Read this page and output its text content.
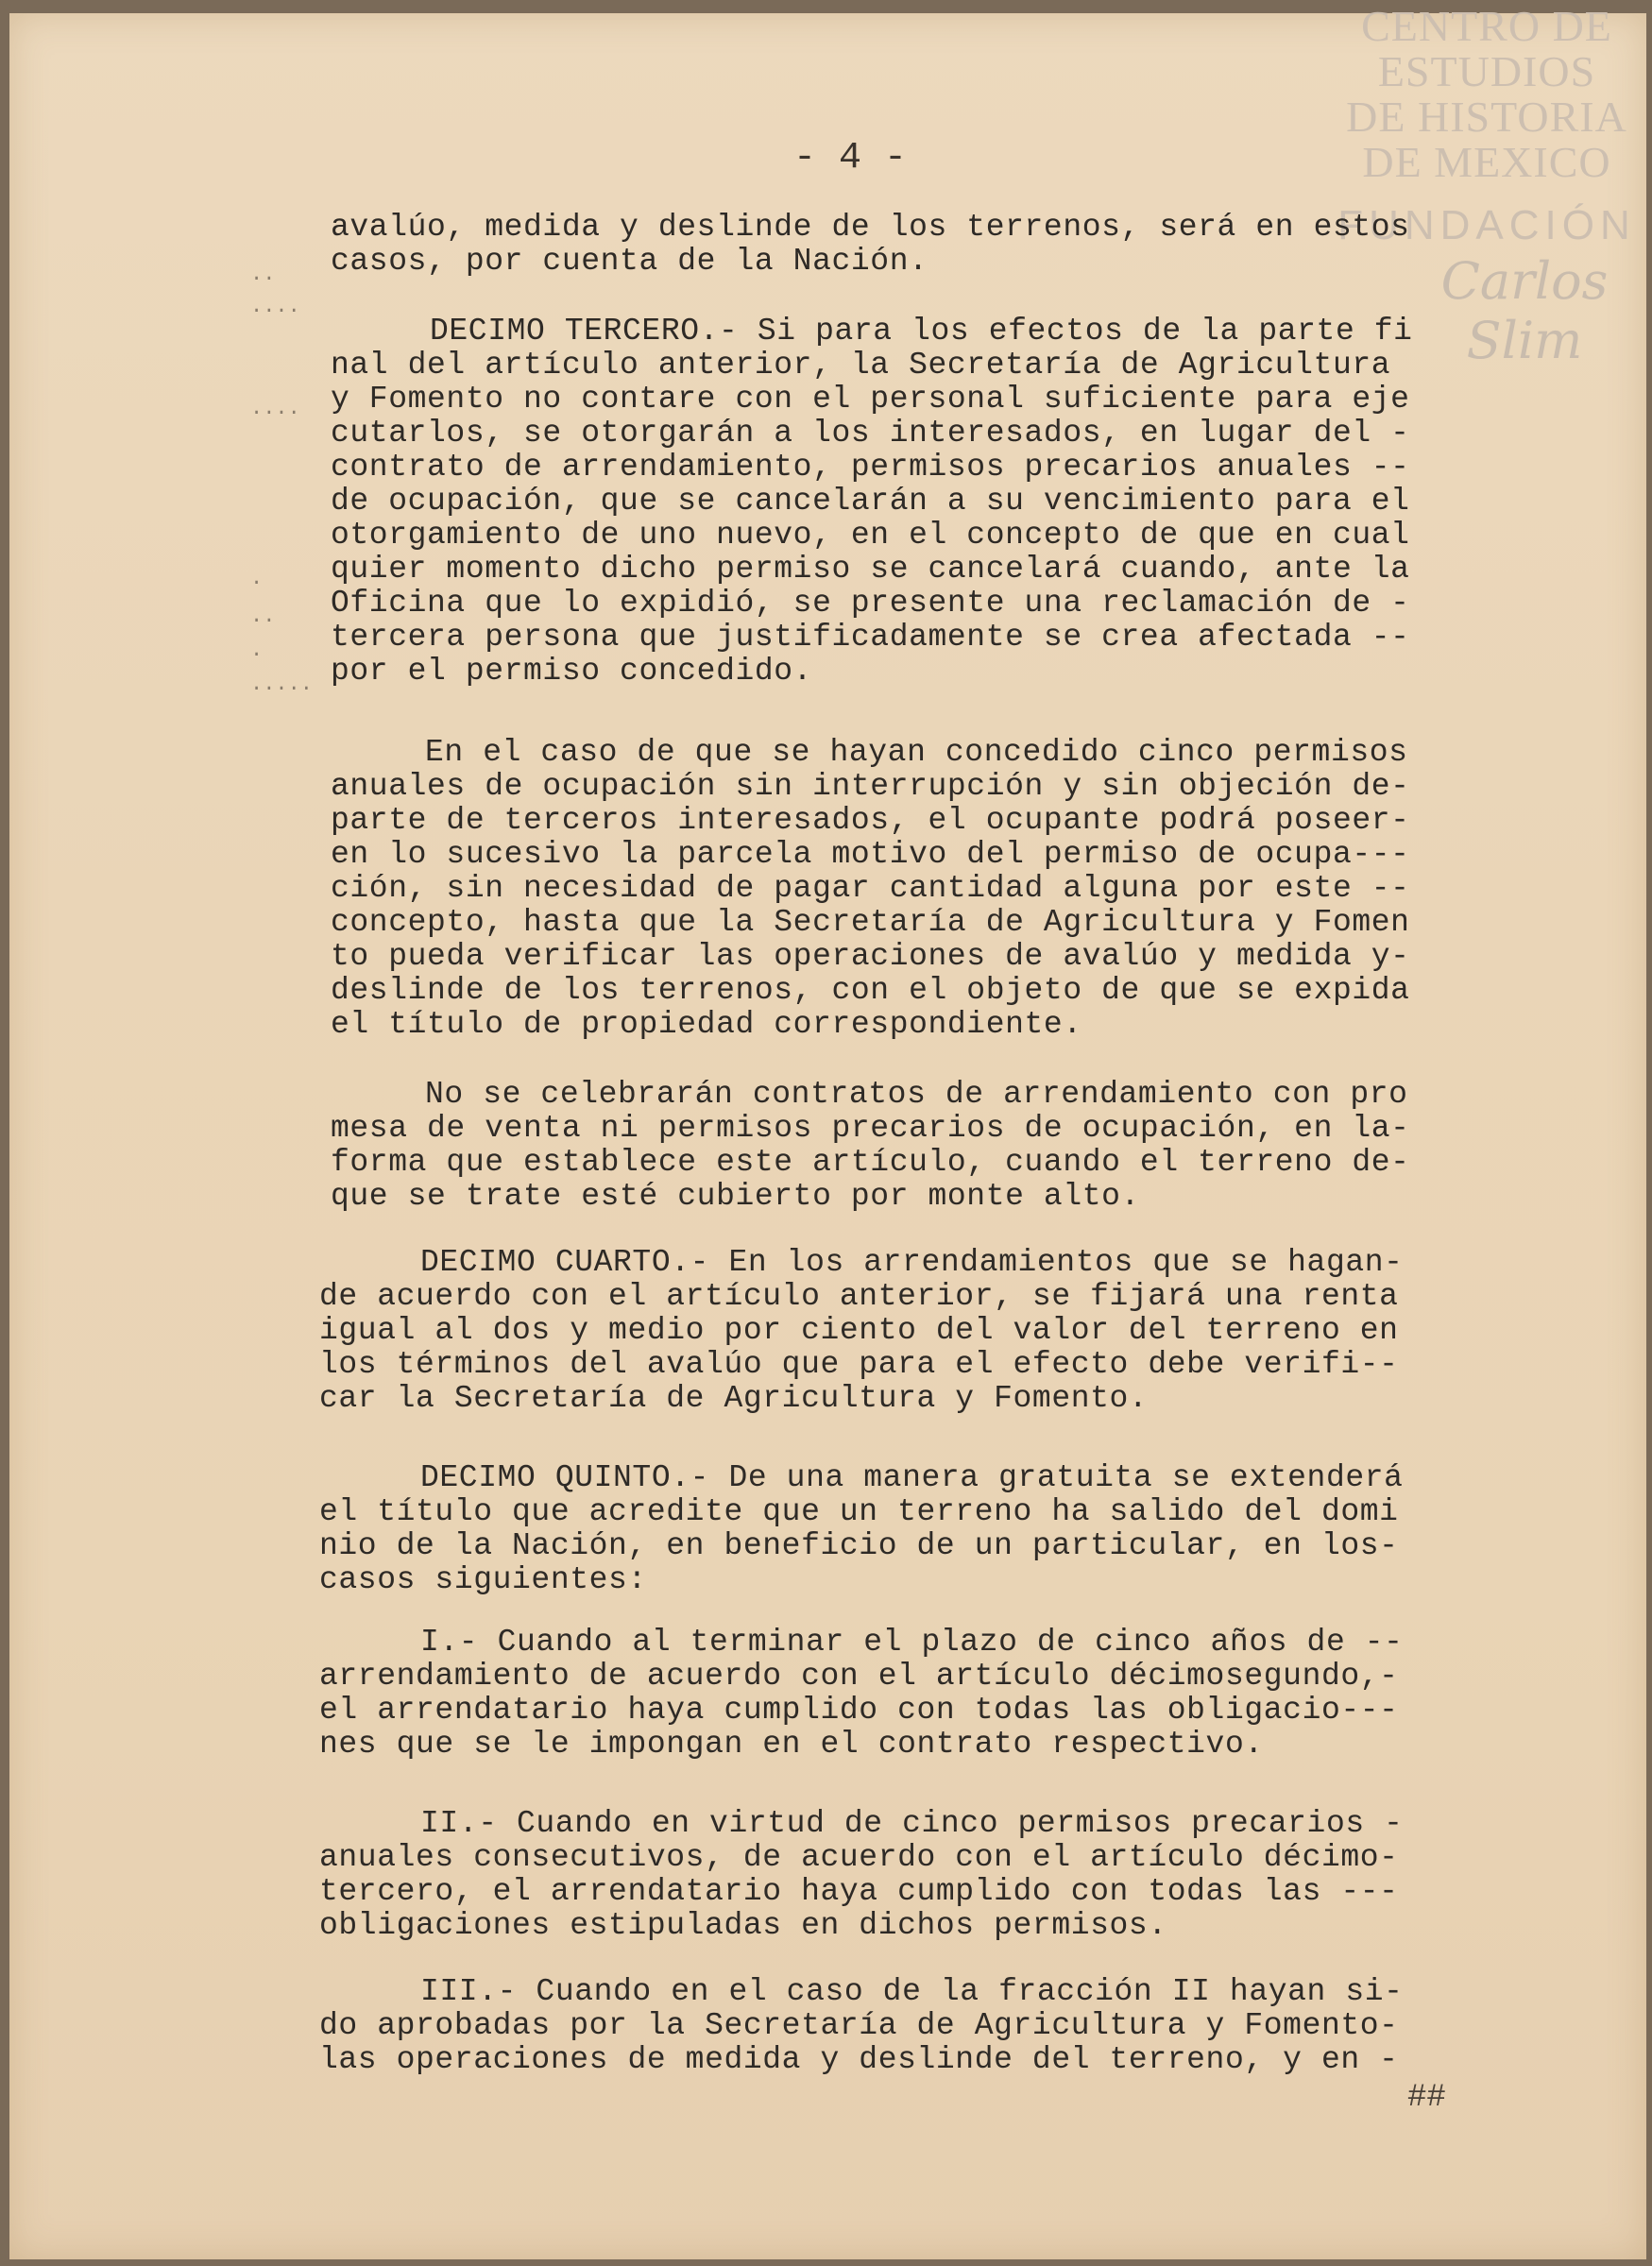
CENTRO DE
ESTUDIOS
DE HISTORIA
DE MEXICO
FUNDACIÓN
Carlos Slim
- 4 -
..
....
....
.
..
.
.....
avalúo, medida y deslinde de los terrenos, será en estos
casos, por cuenta de la Nación.
DECIMO TERCERO.- Si para los efectos de la parte fi
nal del artículo anterior, la Secretaría de Agricultura
y Fomento no contare con el personal suficiente para eje
cutarlos, se otorgarán a los interesados, en lugar del -
contrato de arrendamiento, permisos precarios anuales --
de ocupación, que se cancelarán a su vencimiento para el
otorgamiento de uno nuevo, en el concepto de que en cual
quier momento dicho permiso se cancelará cuando, ante la
Oficina que lo expidió, se presente una reclamación de -
tercera persona que justificadamente se crea afectada --
por el permiso concedido.
En el caso de que se hayan concedido cinco permisos
anuales de ocupación sin interrupción y sin objeción de-
parte de terceros interesados, el ocupante podrá poseer-
en lo sucesivo la parcela motivo del permiso de ocupa---
ción, sin necesidad de pagar cantidad alguna por este --
concepto, hasta que la Secretaría de Agricultura y Fomen
to pueda verificar las operaciones de avalúo y medida y-
deslinde de los terrenos, con el objeto de que se expida
el título de propiedad correspondiente.
No se celebrarán contratos de arrendamiento con pro
mesa de venta ni permisos precarios de ocupación, en la-
forma que establece este artículo, cuando el terreno de-
que se trate esté cubierto por monte alto.
DECIMO CUARTO.- En los arrendamientos que se hagan-
de acuerdo con el artículo anterior, se fijará una renta
igual al dos y medio por ciento del valor del terreno en
los términos del avalúo que para el efecto debe verifi--
car la Secretaría de Agricultura y Fomento.
DECIMO QUINTO.- De una manera gratuita se extenderá
el título que acredite que un terreno ha salido del domi
nio de la Nación, en beneficio de un particular, en los-
casos siguientes:
I.- Cuando al terminar el plazo de cinco años de --
arrendamiento de acuerdo con el artículo décimosegundo,-
el arrendatario haya cumplido con todas las obligacio---
nes que se le impongan en el contrato respectivo.
II.- Cuando en virtud de cinco permisos precarios -
anuales consecutivos, de acuerdo con el artículo décimo-
tercero, el arrendatario haya cumplido con todas las ---
obligaciones estipuladas en dichos permisos.
III.- Cuando en el caso de la fracción II hayan si-
do aprobadas por la Secretaría de Agricultura y Fomento-
las operaciones de medida y deslinde del terreno, y en -
##
